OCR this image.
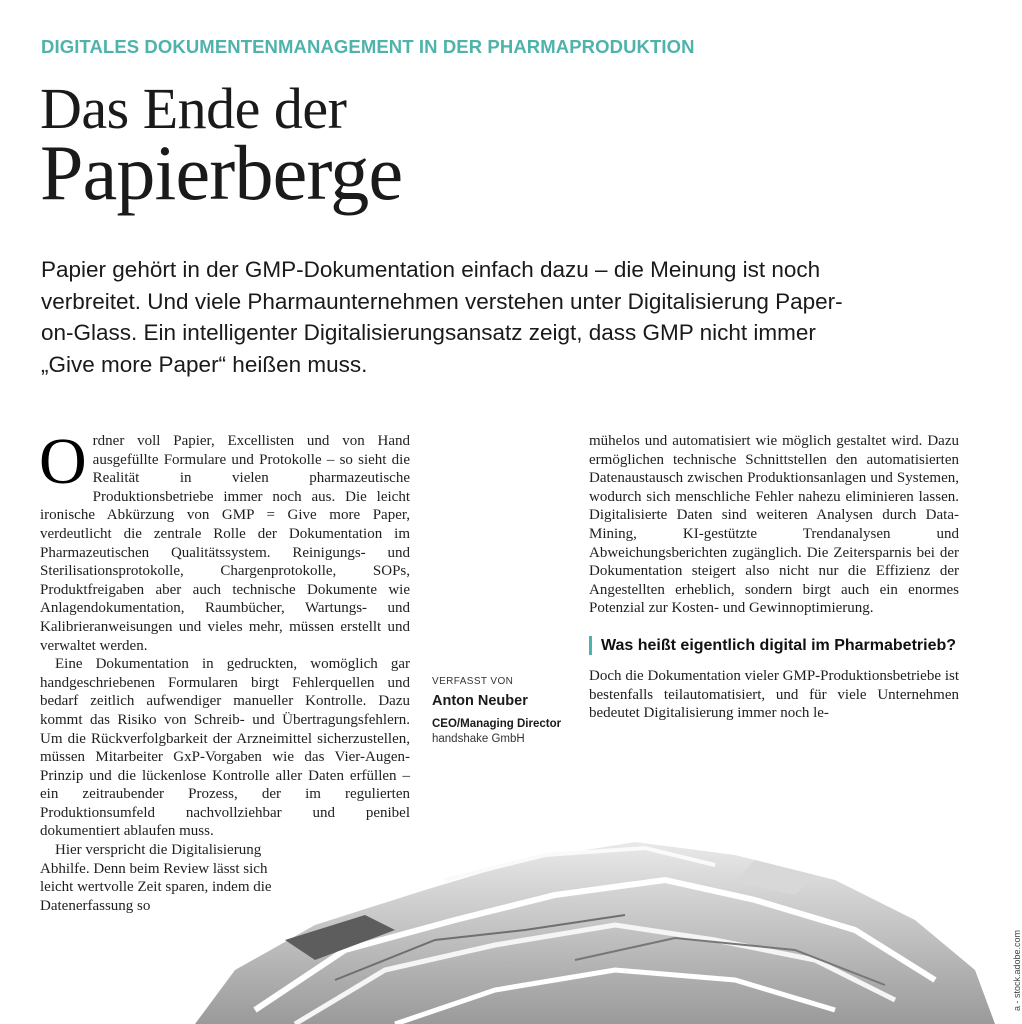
DIGITALES DOKUMENTENMANAGEMENT IN DER PHARMAPRODUKTION
Das Ende der
Papierberge

Papier gehört in der GMP-Dokumentation einfach dazu – die Meinung ist noch
verbreitet. Und viele Pharmaunternehmen verstehen unter Digitalisierung Paper-
on-Glass. Ein intelligenter Digitalisierungsansatz zeigt, dass GMP nicht immer
„Give more Paper“ heißen muss.

Ordner voll Papier, Excellisten und von Hand ausgefüllte Formulare und Protokolle – so sieht die Realität in vielen pharmazeutische Produktionsbetriebe immer noch aus. Die leicht ironische Abkürzung von GMP = Give more Paper, verdeutlicht die zentrale Rolle der Dokumentation im Pharmazeutischen Qualitätssystem. Reinigungs- und Sterilisationsprotokolle, Chargenprotokolle, SOPs, Produktfreigaben aber auch technische Dokumente wie Anlagendokumentation, Raumbücher, Wartungs- und Kalibrieranweisungen und vieles mehr, müssen erstellt und verwaltet werden.

Eine Dokumentation in gedruckten, womöglich gar handgeschriebenen Formularen birgt Fehlerquellen und bedarf zeitlich aufwendiger manueller Kontrolle. Dazu kommt das Risiko von Schreib- und Übertragungsfehlern. Um die Rückverfolgbarkeit der Arzneimittel sicherzustellen, müssen Mitarbeiter GxP-Vorgaben wie das Vier-Augen-Prinzip und die lückenlose Kontrolle aller Daten erfüllen – ein zeitraubender Prozess, der im regulierten Produktionsumfeld nachvollziehbar und penibel dokumentiert ablaufen muss.

Hier verspricht die Digitalisierung Abhilfe. Denn beim Review lässt sich leicht wertvolle Zeit sparen, indem die Datenerfassung so

VERFASST VON
Anton Neuber
CEO/Managing Director
handshake GmbH

mühelos und automatisiert wie möglich gestaltet wird. Dazu ermöglichen technische Schnittstellen den automatisierten Datenaustausch zwischen Produktionsanlagen und Systemen, wodurch sich menschliche Fehler nahezu eliminieren lassen. Digitalisierte Daten sind weiteren Analysen durch Data-Mining, KI-gestützte Trendanalysen und Abweichungsberichten zugänglich. Die Zeitersparnis bei der Dokumentation steigert also nicht nur die Effizienz der Angestellten erheblich, sondern birgt auch ein enormes Potenzial zur Kosten- und Gewinnoptimierung.

Was heißt eigentlich digital im Pharmabetrieb?

Doch die Dokumentation vieler GMP-Produktionsbetriebe ist bestenfalls teilautomatisiert, und für viele Unternehmen bedeutet Digitalisierung immer noch le-

a - stock.adobe.com
